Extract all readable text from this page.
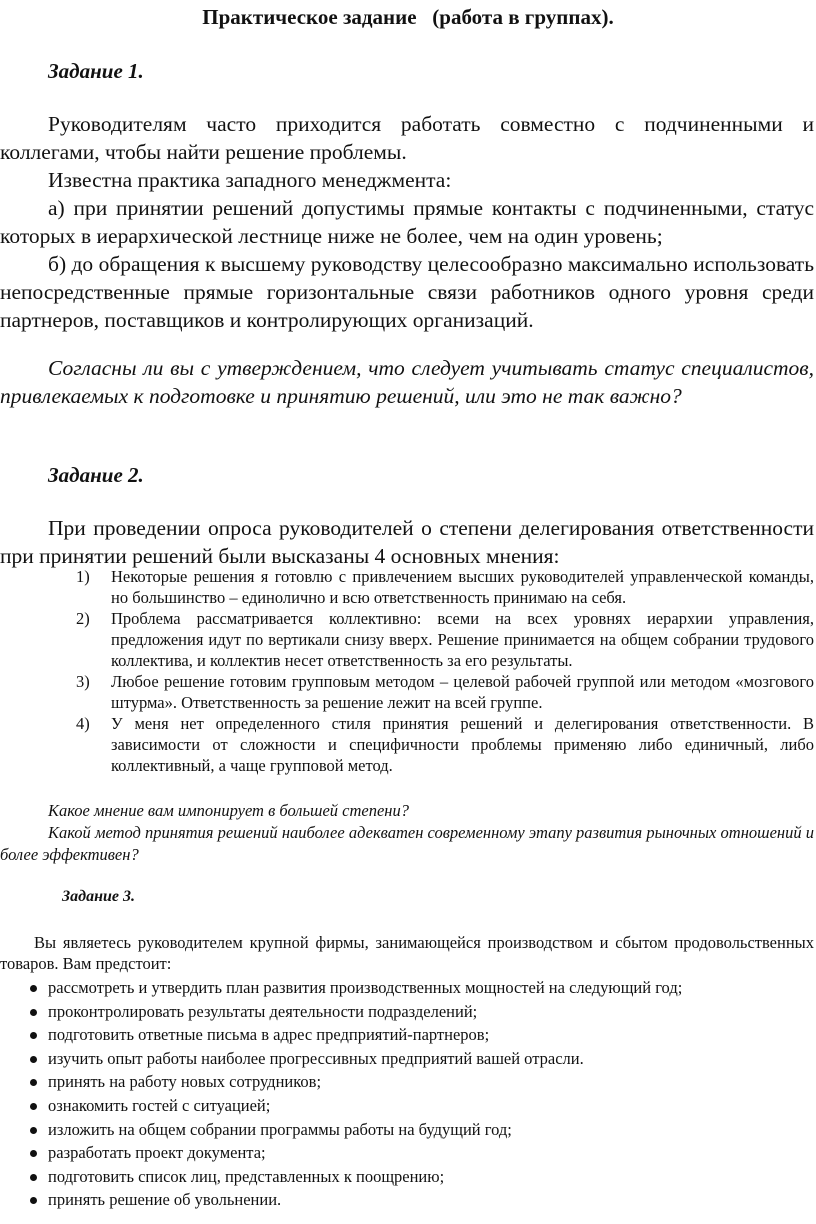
Практическое задание   (работа в группах).
Задание 1.

Руководителям часто приходится работать совместно с подчиненными и коллегами, чтобы найти решение проблемы.

Известна практика западного менеджмента:

а) при принятии решений допустимы прямые контакты с подчиненными, статус которых в иерархической лестнице ниже не более, чем на один уровень;

б) до обращения к высшему руководству целесообразно максимально использовать непосредственные прямые горизонтальные связи работников одного уровня среди партнеров, поставщиков и контролирующих организаций.

Согласны ли вы с утверждением, что следует учитывать статус специалистов, привлекаемых к подготовке и принятию решений, или это не так важно?

Задание 2.

При проведении опроса руководителей о степени делегирования ответственности при принятии решений были высказаны 4 основных мнения:

1) Некоторые решения я готовлю с привлечением высших руководителей управленческой команды, но большинство – единолично и всю ответственность принимаю на себя.
2) Проблема рассматривается коллективно: всеми на всех уровнях иерархии управления, предложения идут по вертикали снизу вверх. Решение принимается на общем собрании трудового коллектива, и коллектив несет ответственность за его результаты.
3) Любое решение готовим групповым методом – целевой рабочей группой или методом «мозгового штурма». Ответственность за решение лежит на всей группе.
4) У меня нет определенного стиля принятия решений и делегирования ответственности. В зависимости от сложности и специфичности проблемы применяю либо единичный, либо коллективный, а чаще групповой метод.

Какое мнение вам импонирует в большей степени?

Какой метод принятия решений наиболее адекватен современному этапу развития рыночных отношений и более эффективен?

Задание 3.

Вы являетесь руководителем крупной фирмы, занимающейся производством и сбытом продовольственных товаров. Вам предстоит:

рассмотреть и утвердить план развития производственных мощностей на следующий год;
проконтролировать результаты деятельности подразделений;
подготовить ответные письма в адрес предприятий-партнеров;
изучить опыт работы наиболее прогрессивных предприятий вашей отрасли.
принять на работу новых сотрудников;
ознакомить гостей с ситуацией;
изложить на общем собрании программы работы на будущий год;
разработать проект документа;
подготовить список лиц, представленных к поощрению;
принять решение об увольнении.
